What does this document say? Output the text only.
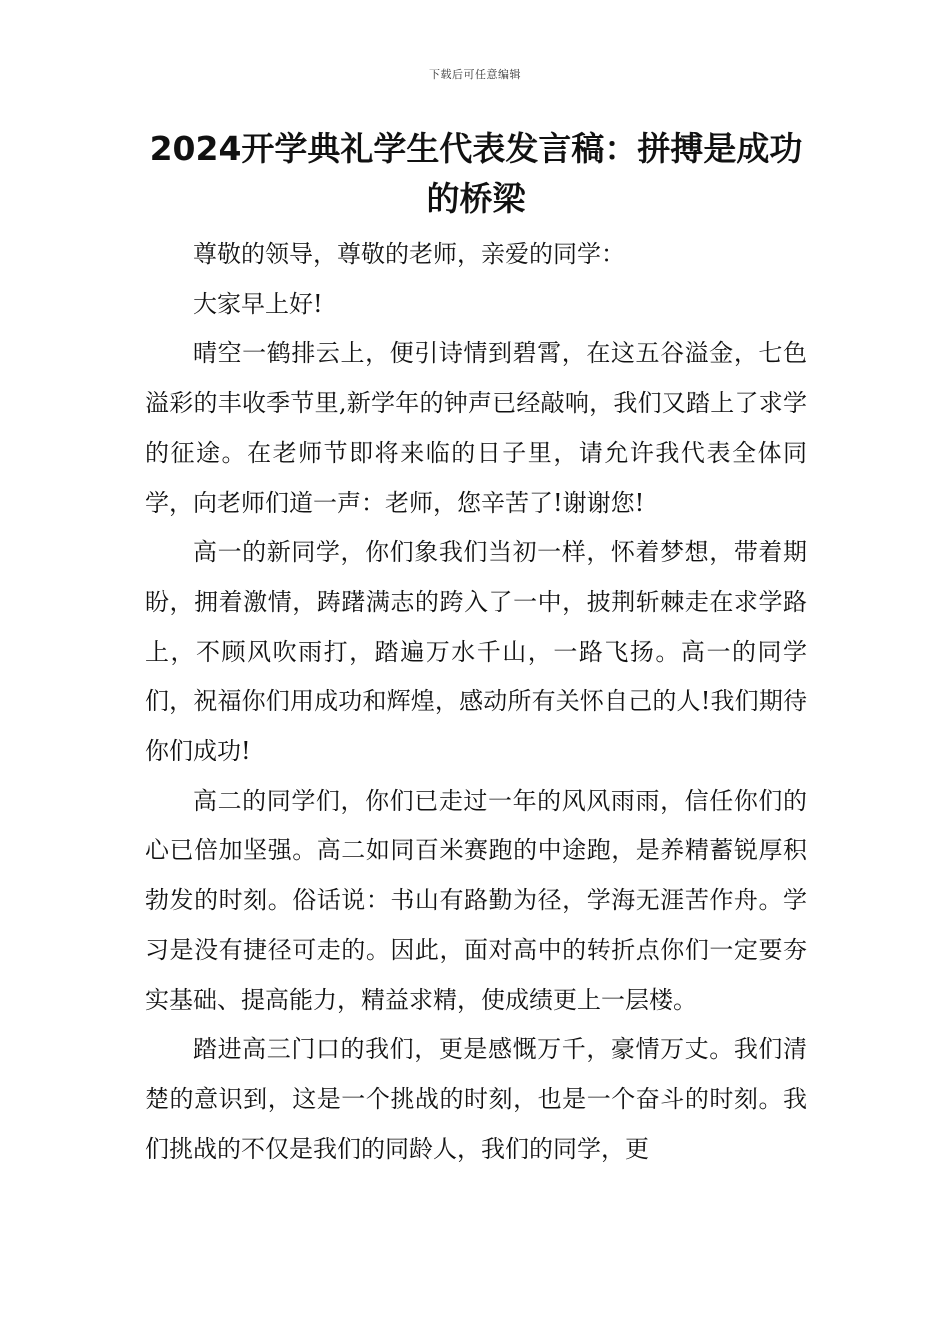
下载后可任意编辑
2024开学典礼学生代表发言稿：拼搏是成功的桥梁

尊敬的领导，尊敬的老师，亲爱的同学：

大家早上好!

晴空一鹤排云上，便引诗情到碧霄，在这五谷溢金，七色溢彩的丰收季节里,新学年的钟声已经敲响，我们又踏上了求学的征途。在老师节即将来临的日子里，请允许我代表全体同学，向老师们道一声：老师，您辛苦了!谢谢您!

高一的新同学，你们象我们当初一样，怀着梦想，带着期盼，拥着激情，踌躇满志的跨入了一中，披荆斩棘走在求学路上，不顾风吹雨打，踏遍万水千山，一路飞扬。高一的同学们，祝福你们用成功和辉煌，感动所有关怀自己的人!我们期待你们成功!

高二的同学们，你们已走过一年的风风雨雨，信任你们的心已倍加坚强。高二如同百米赛跑的中途跑，是养精蓄锐厚积勃发的时刻。俗话说：书山有路勤为径，学海无涯苦作舟。学习是没有捷径可走的。因此，面对高中的转折点你们一定要夯实基础、提高能力，精益求精，使成绩更上一层楼。

踏进高三门口的我们，更是感慨万千，豪情万丈。我们清楚的意识到，这是一个挑战的时刻，也是一个奋斗的时刻。我们挑战的不仅是我们的同龄人，我们的同学，更
